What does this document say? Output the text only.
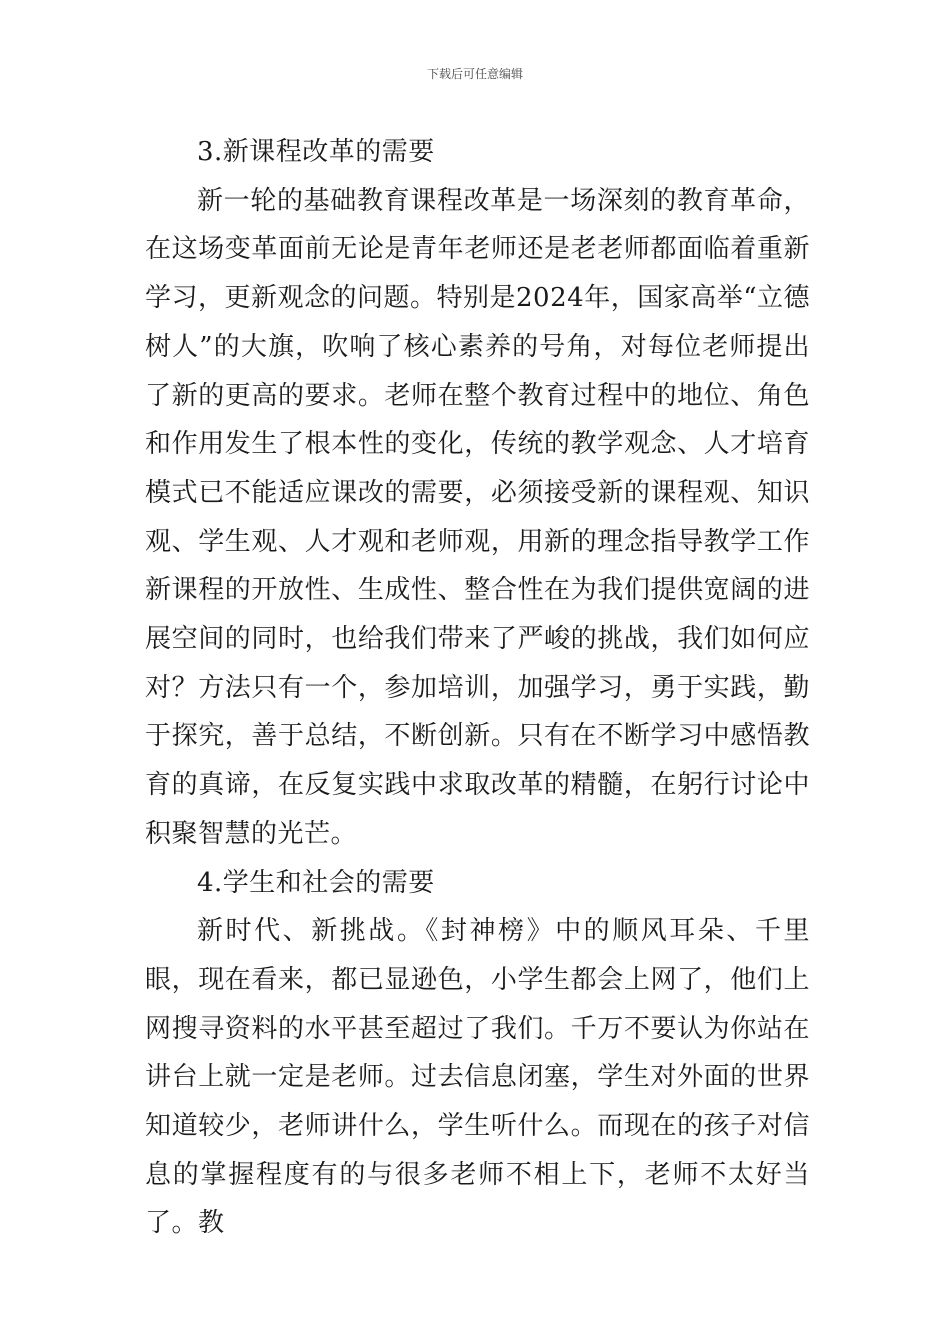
下载后可任意编辑

3.新课程改革的需要

新一轮的基础教育课程改革是一场深刻的教育革命，在这场变革面前无论是青年老师还是老老师都面临着重新学习，更新观念的问题。特别是2024年，国家高举“立德树人”的大旗，吹响了核心素养的号角，对每位老师提出了新的更高的要求。老师在整个教育过程中的地位、角色和作用发生了根本性的变化，传统的教学观念、人才培育模式已不能适应课改的需要，必须接受新的课程观、知识观、学生观、人才观和老师观，用新的理念指导教学工作新课程的开放性、生成性、整合性在为我们提供宽阔的进展空间的同时，也给我们带来了严峻的挑战，我们如何应对？方法只有一个，参加培训，加强学习，勇于实践，勤于探究，善于总结，不断创新。只有在不断学习中感悟教育的真谛，在反复实践中求取改革的精髓，在躬行讨论中积聚智慧的光芒。

4.学生和社会的需要

新时代、新挑战。《封神榜》中的顺风耳朵、千里眼，现在看来，都已显逊色，小学生都会上网了，他们上网搜寻资料的水平甚至超过了我们。千万不要认为你站在讲台上就一定是老师。过去信息闭塞，学生对外面的世界知道较少，老师讲什么，学生听什么。而现在的孩子对信息的掌握程度有的与很多老师不相上下，老师不太好当了。教
